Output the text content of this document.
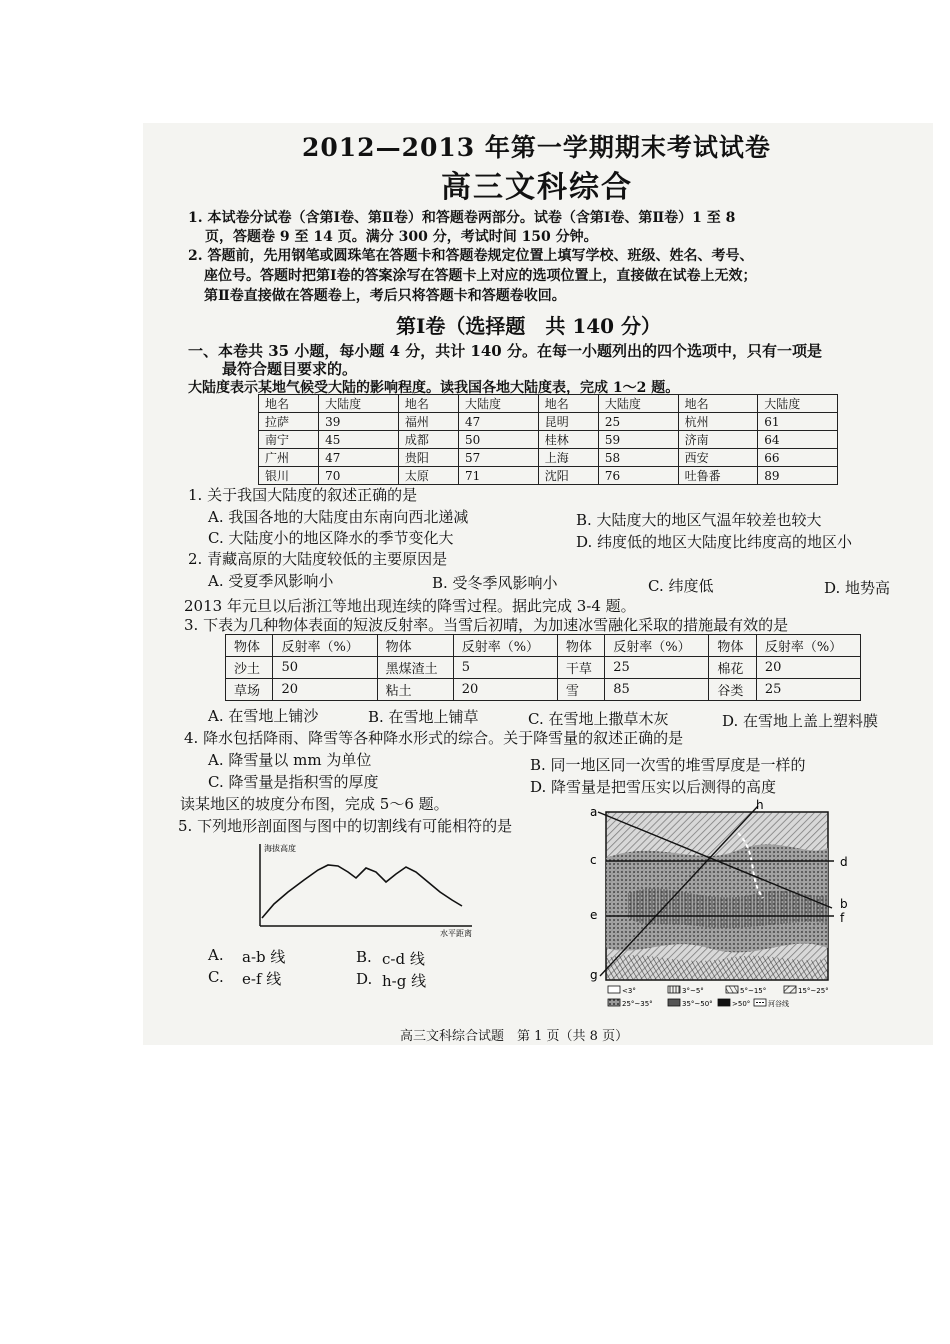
2012—2013 年第一学期期末考试试卷
高三文科综合
1. 本试卷分试卷（含第Ⅰ卷、第Ⅱ卷）和答题卷两部分。试卷（含第Ⅰ卷、第Ⅱ卷）1 至 8
页，答题卷 9 至 14 页。满分 300 分，考试时间 150 分钟。
2. 答题前，先用钢笔或圆珠笔在答题卡和答题卷规定位置上填写学校、班级、姓名、考号、
座位号。答题时把第Ⅰ卷的答案涂写在答题卡上对应的选项位置上，直接做在试卷上无效；
第Ⅱ卷直接做在答题卷上，考后只将答题卡和答题卷收回。
第Ⅰ卷（选择题　共 140 分）
一、本卷共 35 小题，每小题 4 分，共计 140 分。在每一小题列出的四个选项中，只有一项是
最符合题目要求的。
大陆度表示某地气候受大陆的影响程度。读我国各地大陆度表，完成 1～2 题。
地名	大陆度	地名	大陆度	地名	大陆度	地名	大陆度
拉萨	39	福州	47	昆明	25	杭州	61
南宁	45	成都	50	桂林	59	济南	64
广州	47	贵阳	57	上海	58	西安	66
银川	70	太原	71	沈阳	76	吐鲁番	89
1. 关于我国大陆度的叙述正确的是
A. 我国各地的大陆度由东南向西北递减	B. 大陆度大的地区气温年较差也较大
C. 大陆度小的地区降水的季节变化大	D. 纬度低的地区大陆度比纬度高的地区小
2. 青藏高原的大陆度较低的主要原因是
A. 受夏季风影响小	B. 受冬季风影响小	C. 纬度低	D. 地势高
2013 年元旦以后浙江等地出现连续的降雪过程。据此完成 3-4 题。
3. 下表为几种物体表面的短波反射率。当雪后初晴，为加速冰雪融化采取的措施最有效的是
物体	反射率（%）	物体	反射率（%）	物体	反射率（%）	物体	反射率（%）
沙土	50	黑煤渣土	5	干草	25	棉花	20
草场	20	粘土	20	雪	85	谷类	25
A. 在雪地上铺沙	B. 在雪地上铺草	C. 在雪地上撒草木灰	D. 在雪地上盖上塑料膜
4. 降水包括降雨、降雪等各种降水形式的综合。关于降雪量的叙述正确的是
A. 降雪量以 mm 为单位	B. 同一地区同一次雪的堆雪厚度是一样的
C. 降雪量是指积雪的厚度	D. 降雪量是把雪压实以后测得的高度
读某地区的坡度分布图，完成 5～6 题。
5. 下列地形剖面图与图中的切割线有可能相符的是
海拔高度
水平距离
A. a-b 线	B. c-d 线
C. e-f 线	D. h-g 线
a
b
c	d
e	f
g
h
<3°	3°~5°	5°~15°	15°~25°
25°~35°	35°~50°	>50°	河谷线
高三文科综合试题　第 1 页（共 8 页）
